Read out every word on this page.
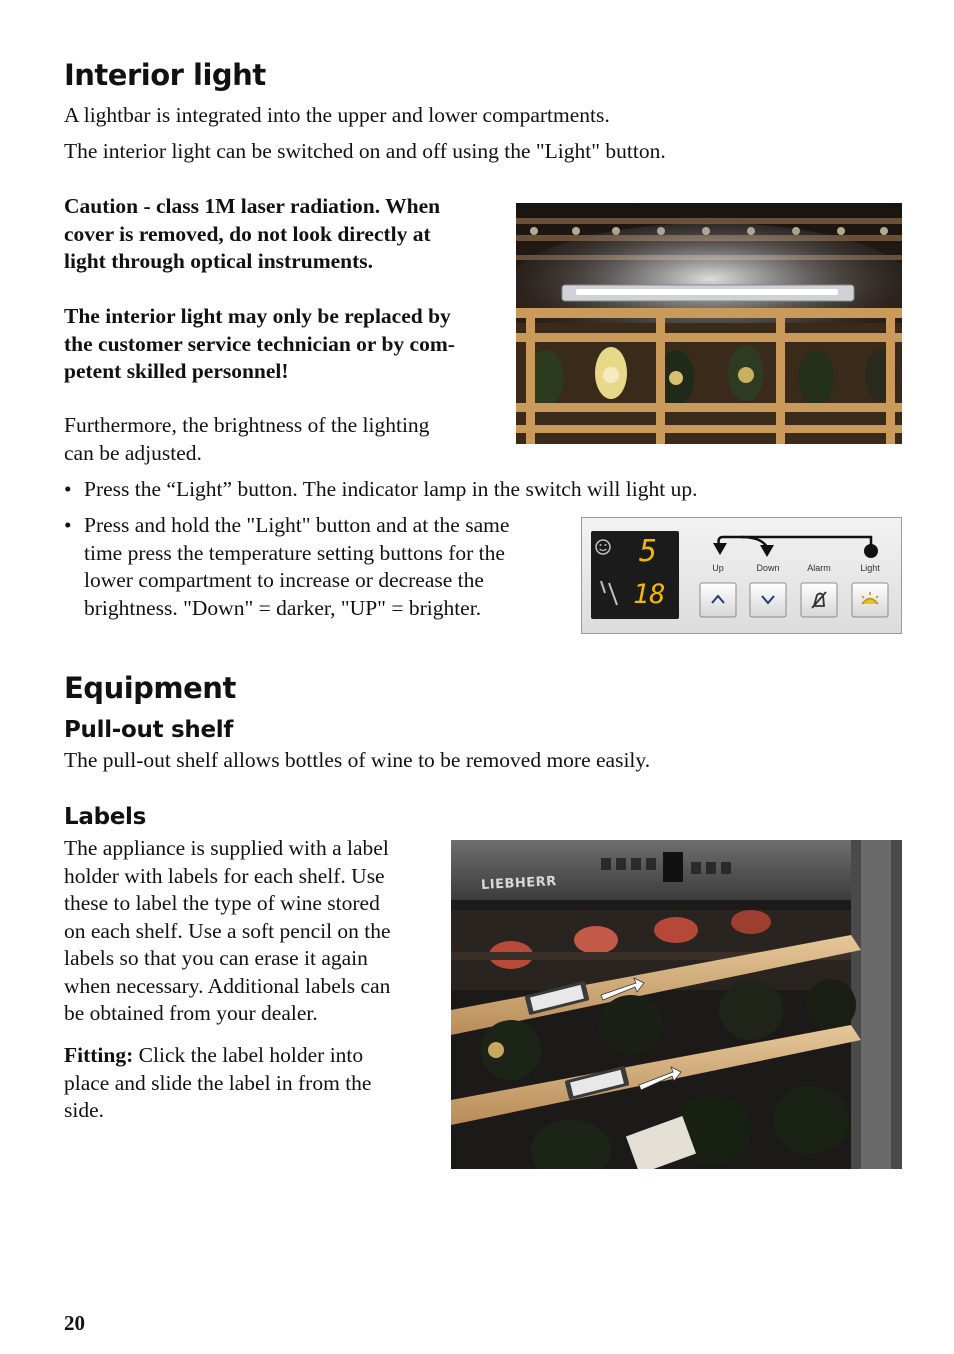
Interior light
A lightbar is integrated into the upper and lower compartments.
The interior light can be switched on and off using the "Light" button.
Caution - class 1M laser radiation. When
cover is removed, do not look directly at
light through optical instruments.
The interior light may only be replaced by
the customer service technician or by com-
petent skilled personnel!
Furthermore, the brightness of the lighting
can be adjusted.
• Press the “Light” button. The indicator lamp in the switch will light up.
• Press and hold the "Light" button and at the same
time press the temperature setting buttons for the
lower compartment to increase or decrease the
brightness. "Down" = darker, "UP" = brighter.
5
18
Up	Down	Alarm	Light
Equipment
Pull-out shelf
The pull-out shelf allows bottles of wine to be removed more easily.
Labels
The appliance is supplied with a label
holder with labels for each shelf. Use
these to label the type of wine stored
on each shelf. Use a soft pencil on the
labels so that you can erase it again
when necessary. Additional labels can
be obtained from your dealer.
Fitting: Click the label holder into
place and slide the label in from the
side.
LIEBHERR
20
